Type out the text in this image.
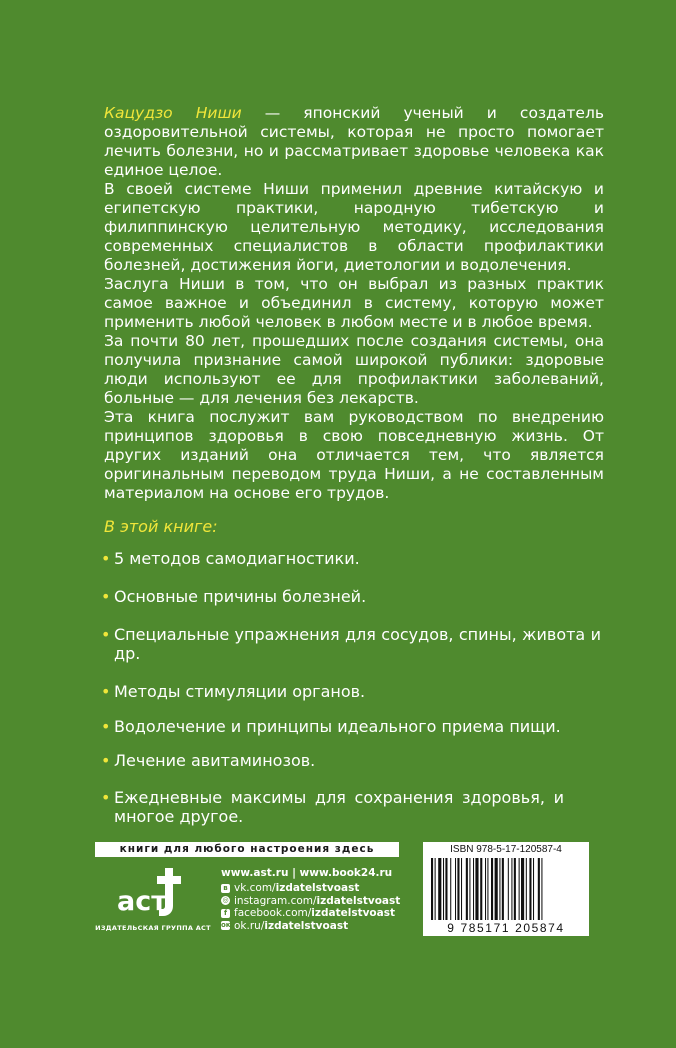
Кацудзо Ниши — японский ученый и создатель оздоровительной системы, которая не просто помогает лечить болезни, но и рассматривает здоровье человека как единое целое.

В своей системе Ниши применил древние китайскую и египетскую практики, народную тибетскую и филиппинскую целительную методику, исследования современных специалистов в области профилактики болезней, достижения йоги, диетологии и водолечения.

Заслуга Ниши в том, что он выбрал из разных практик самое важное и объединил в систему, которую может применить любой человек в любом месте и в любое время.

За почти 80 лет, прошедших после создания системы, она получила признание самой широкой публики: здоровые люди используют ее для профилактики заболеваний, больные — для лечения без лекарств.

Эта книга послужит вам руководством по внедрению принципов здоровья в свою повседневную жизнь. От других изданий она отличается тем, что является оригинальным переводом труда Ниши, а не составленным материалом на основе его трудов.

В этой книге:
• 5 методов самодиагностики.
• Основные причины болезней.
• Специальные упражнения для сосудов, спины, живота и др.
• Методы стимуляции органов.
• Водолечение и принципы идеального приема пищи.
• Лечение авитаминозов.
• Ежедневные максимы для сохранения здоровья, и многое другое.
книги для любого настроения здесь
aст
ИЗДАТЕЛЬСКАЯ ГРУППА АСТ
www.ast.ru | www.book24.ru
в vk.com/ izdatelstvoast
◎ instagram.com/ izdatelstvoast
f facebook.com/ izdatelstvoast
ок ok.ru/ izdatelstvoast
ISBN 978-5-17-120587-4
9 785171 205874
